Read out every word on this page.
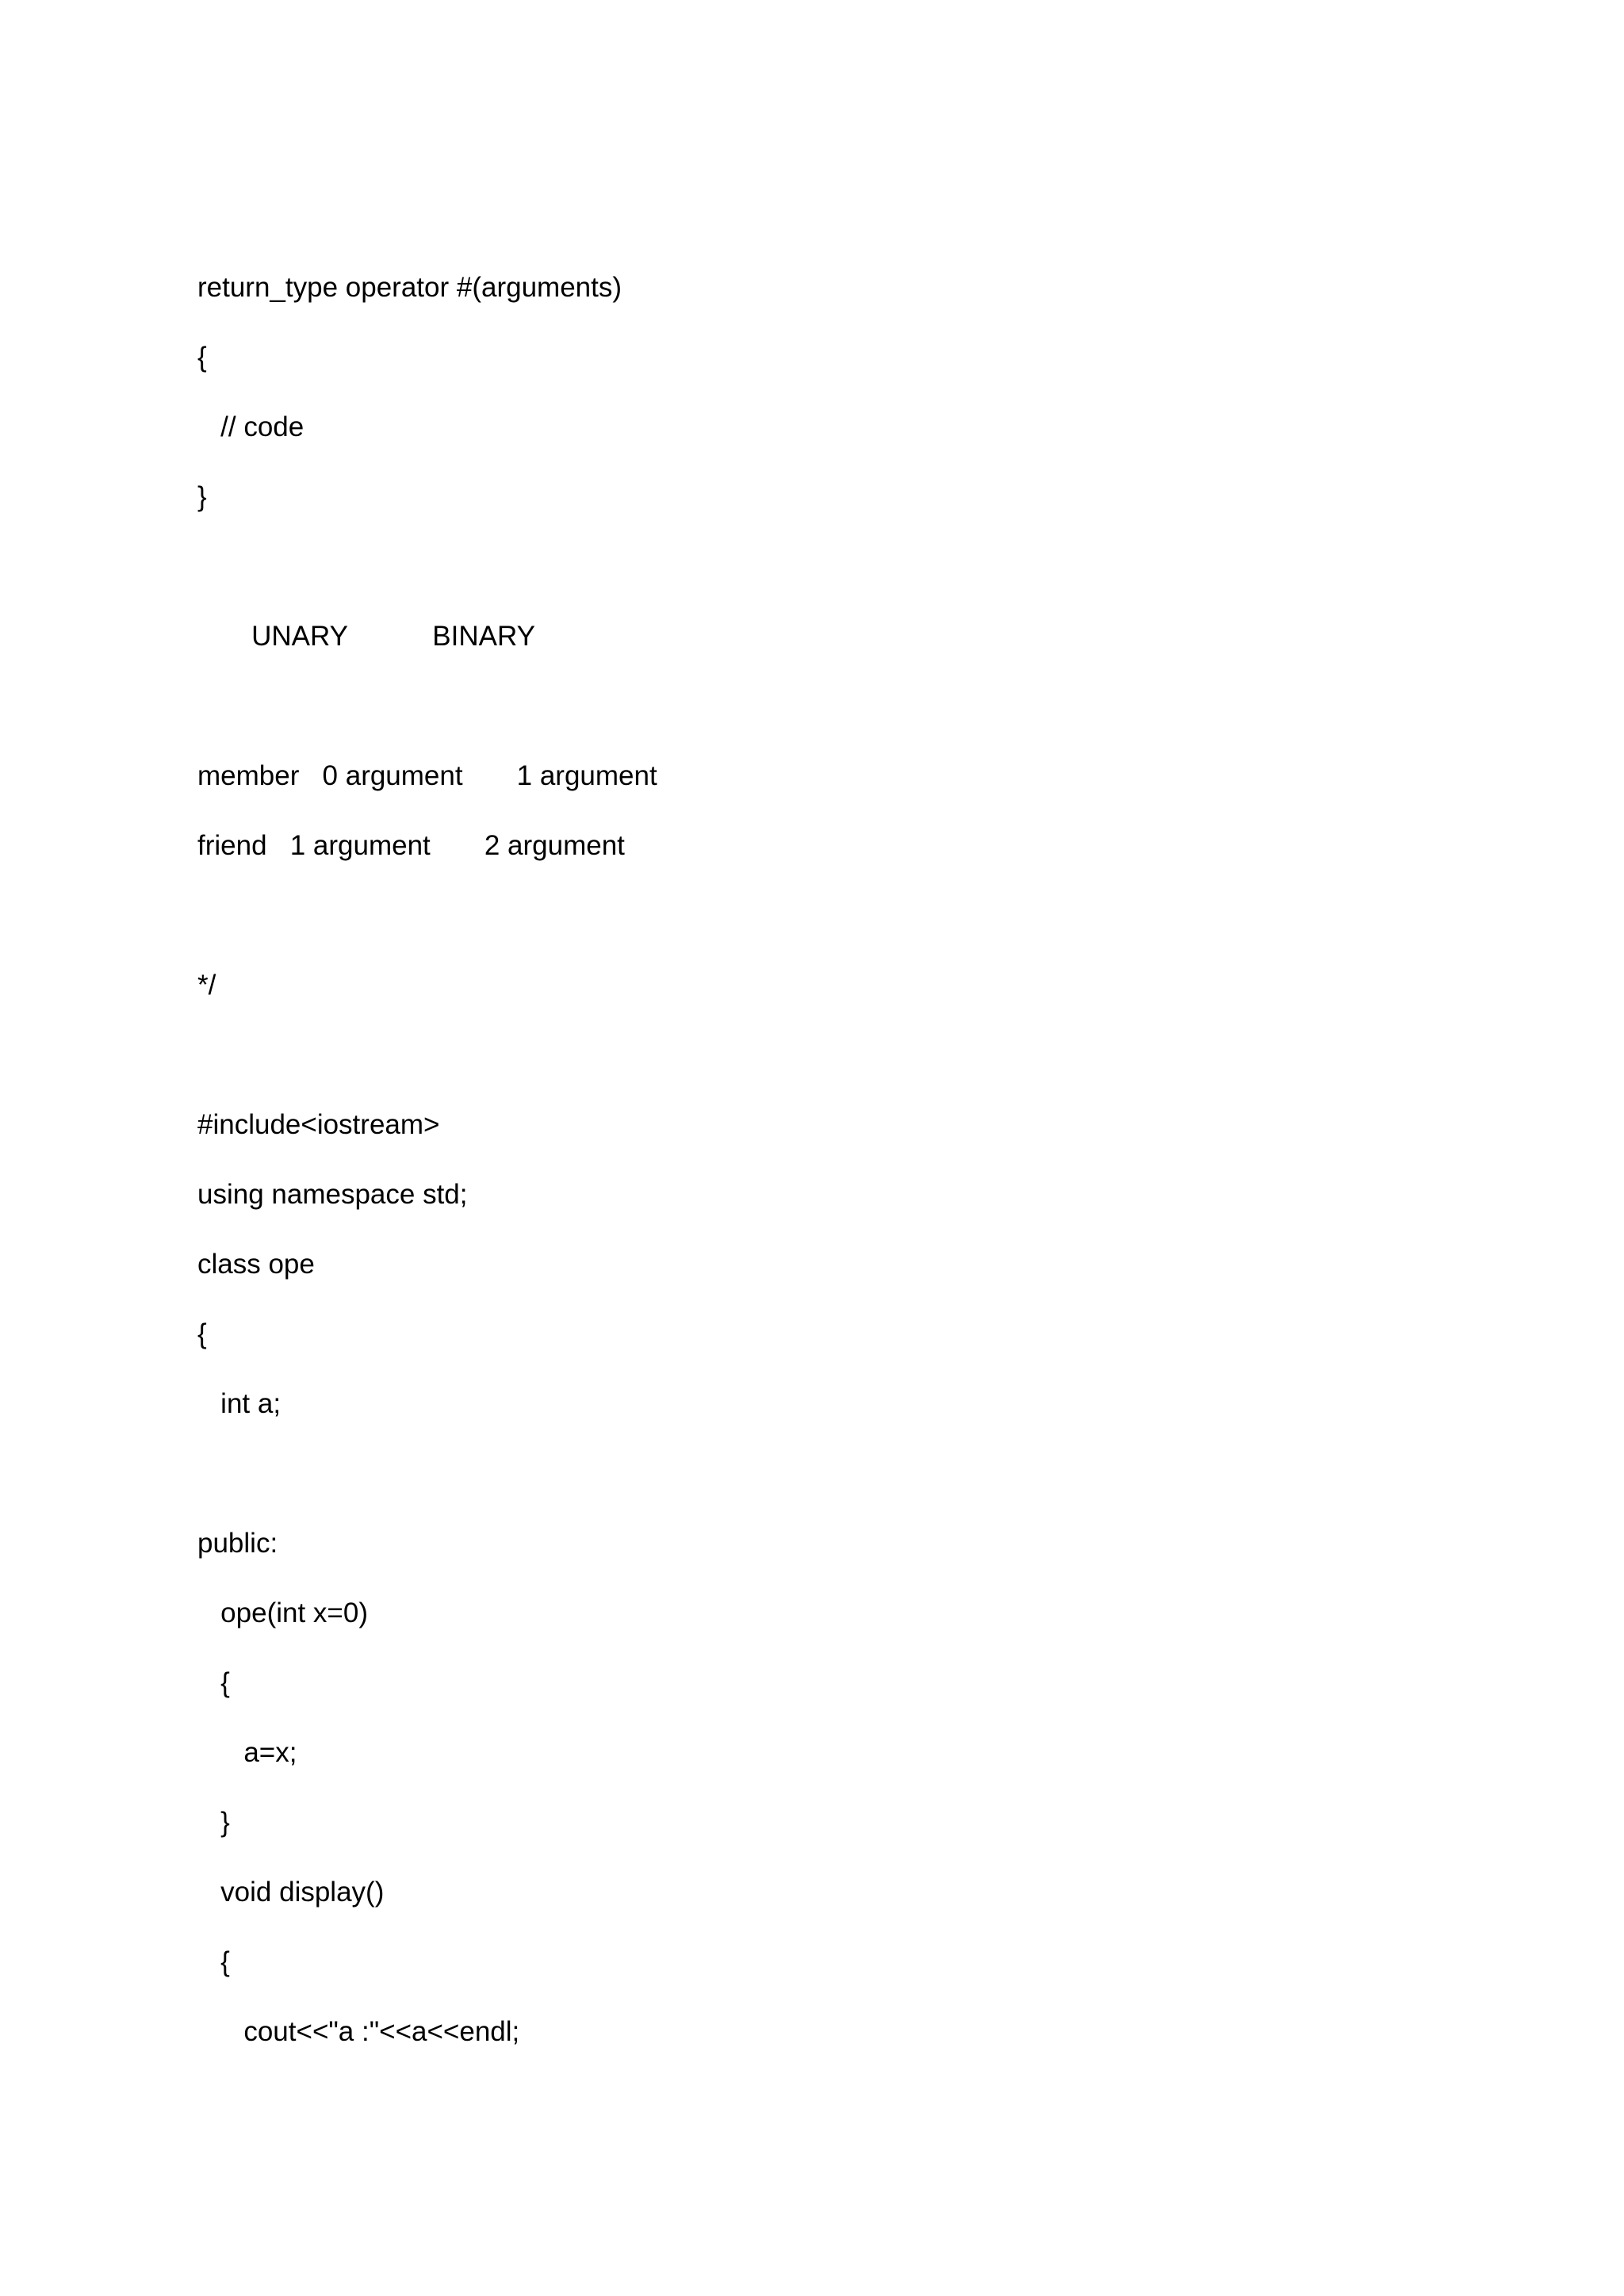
return_type operator #(arguments)
{
// code
}
UNARY           BINARY
member   0 argument       1 argument
friend   1 argument       2 argument
*/
#include<iostream>
using namespace std;
class ope
{
int a;
public:
ope(int x=0)
{
a=x;
}
void display()
{
cout<<"a :"<<a<<endl;
